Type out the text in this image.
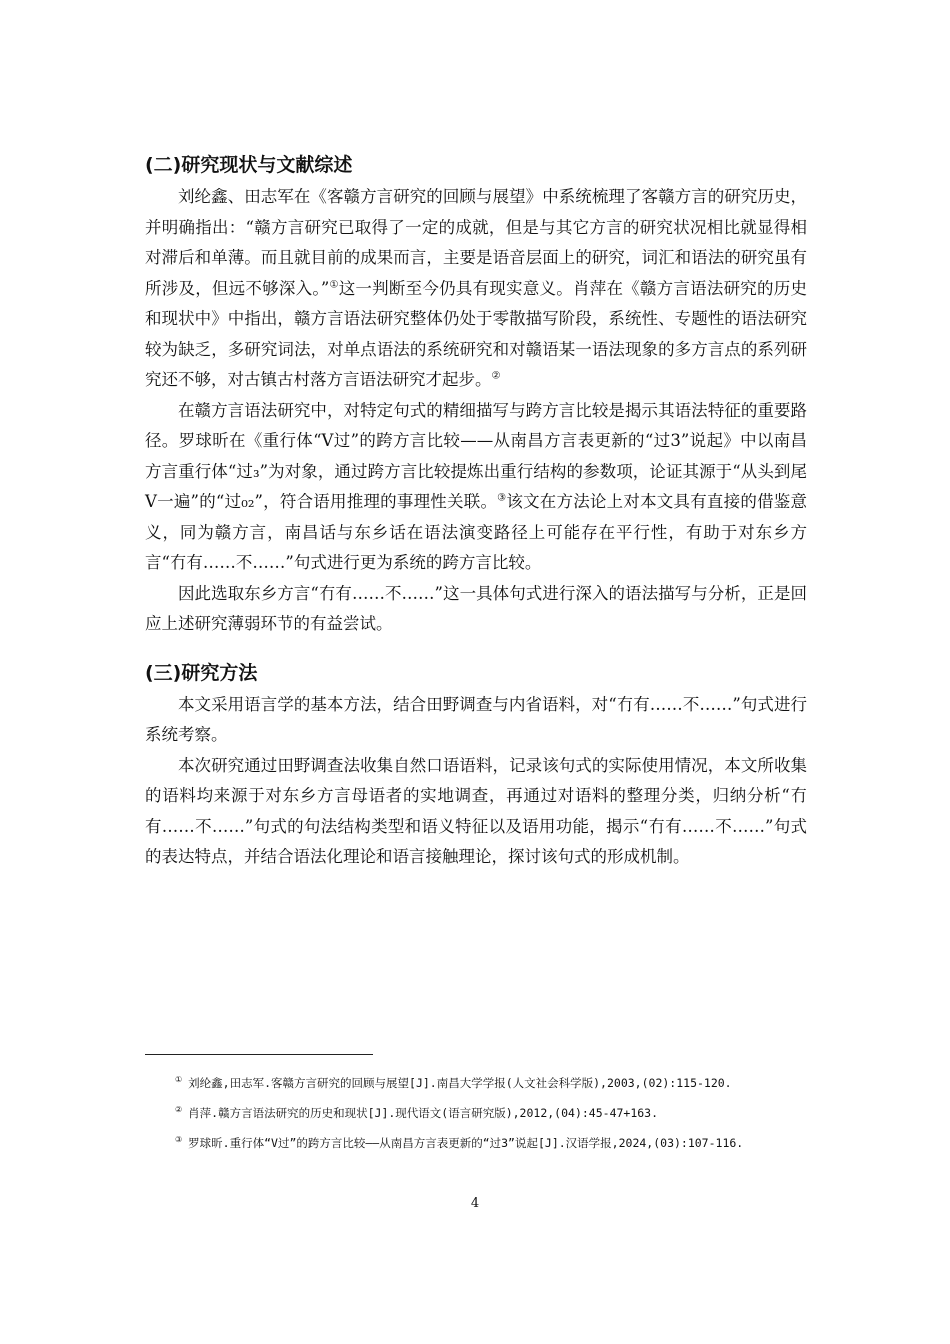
(二)研究现状与文献综述

刘纶鑫、田志军在《客赣方言研究的回顾与展望》中系统梳理了客赣方言的研究历史，并明确指出：“赣方言研究已取得了一定的成就，但是与其它方言的研究状况相比就显得相对滞后和单薄。而且就目前的成果而言，主要是语音层面上的研究，词汇和语法的研究虽有所涉及，但远不够深入。”①这一判断至今仍具有现实意义。肖萍在《赣方言语法研究的历史和现状中》中指出，赣方言语法研究整体仍处于零散描写阶段，系统性、专题性的语法研究较为缺乏，多研究词法，对单点语法的系统研究和对赣语某一语法现象的多方言点的系列研究还不够，对古镇古村落方言语法研究才起步。②

在赣方言语法研究中，对特定句式的精细描写与跨方言比较是揭示其语法特征的重要路径。罗球昕在《重行体“V过”的跨方言比较——从南昌方言表更新的“过3”说起》中以南昌方言重行体“过₃”为对象，通过跨方言比较提炼出重行结构的参数项，论证其源于“从头到尾V一遍”的“过₀₂”，符合语用推理的事理性关联。③该文在方法论上对本文具有直接的借鉴意义，同为赣方言，南昌话与东乡话在语法演变路径上可能存在平行性，有助于对东乡方言“冇有……不……”句式进行更为系统的跨方言比较。

因此选取东乡方言“冇有……不……”这一具体句式进行深入的语法描写与分析，正是回应上述研究薄弱环节的有益尝试。

(三)研究方法

本文采用语言学的基本方法，结合田野调查与内省语料，对“冇有……不……”句式进行系统考察。

本次研究通过田野调查法收集自然口语语料，记录该句式的实际使用情况，本文所收集的语料均来源于对东乡方言母语者的实地调查，再通过对语料的整理分类，归纳分析“冇有……不……”句式的句法结构类型和语义特征以及语用功能，揭示“冇有……不……”句式的表达特点，并结合语法化理论和语言接触理论，探讨该句式的形成机制。

① 刘纶鑫,田志军.客赣方言研究的回顾与展望[J].南昌大学学报(人文社会科学版),2003,(02):115-120.

② 肖萍.赣方言语法研究的历史和现状[J].现代语文(语言研究版),2012,(04):45-47+163.

③ 罗球昕.重行体“V过”的跨方言比较——从南昌方言表更新的“过3”说起[J].汉语学报,2024,(03):107-116.

4
